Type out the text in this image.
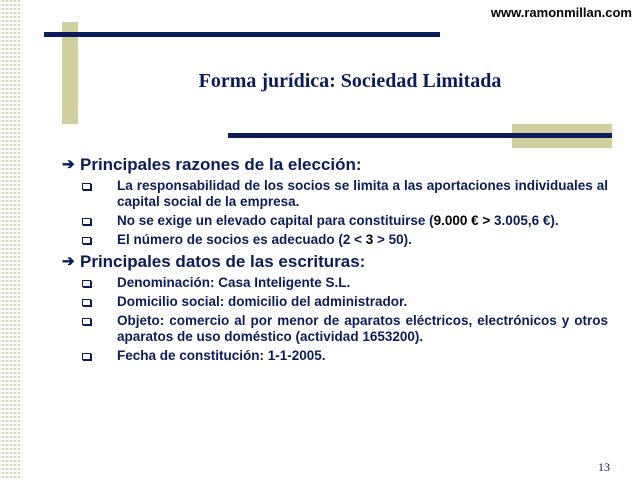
www.ramonmillan.com
Forma jurídica: Sociedad Limitada
➔ Principales razones de la elección:
La responsabilidad de los socios se limita a las aportaciones individuales al capital social de la empresa.
No se exige un elevado capital para constituirse (9.000 € > 3.005,6 €).
El número de socios es adecuado (2 < 3 > 50).
➔ Principales datos de las escrituras:
Denominación: Casa Inteligente S.L.
Domicilio social: domicilio del administrador.
Objeto: comercio al por menor de aparatos eléctricos, electrónicos y otros aparatos de uso doméstico (actividad 1653200).
Fecha de constitución: 1-1-2005.
13
